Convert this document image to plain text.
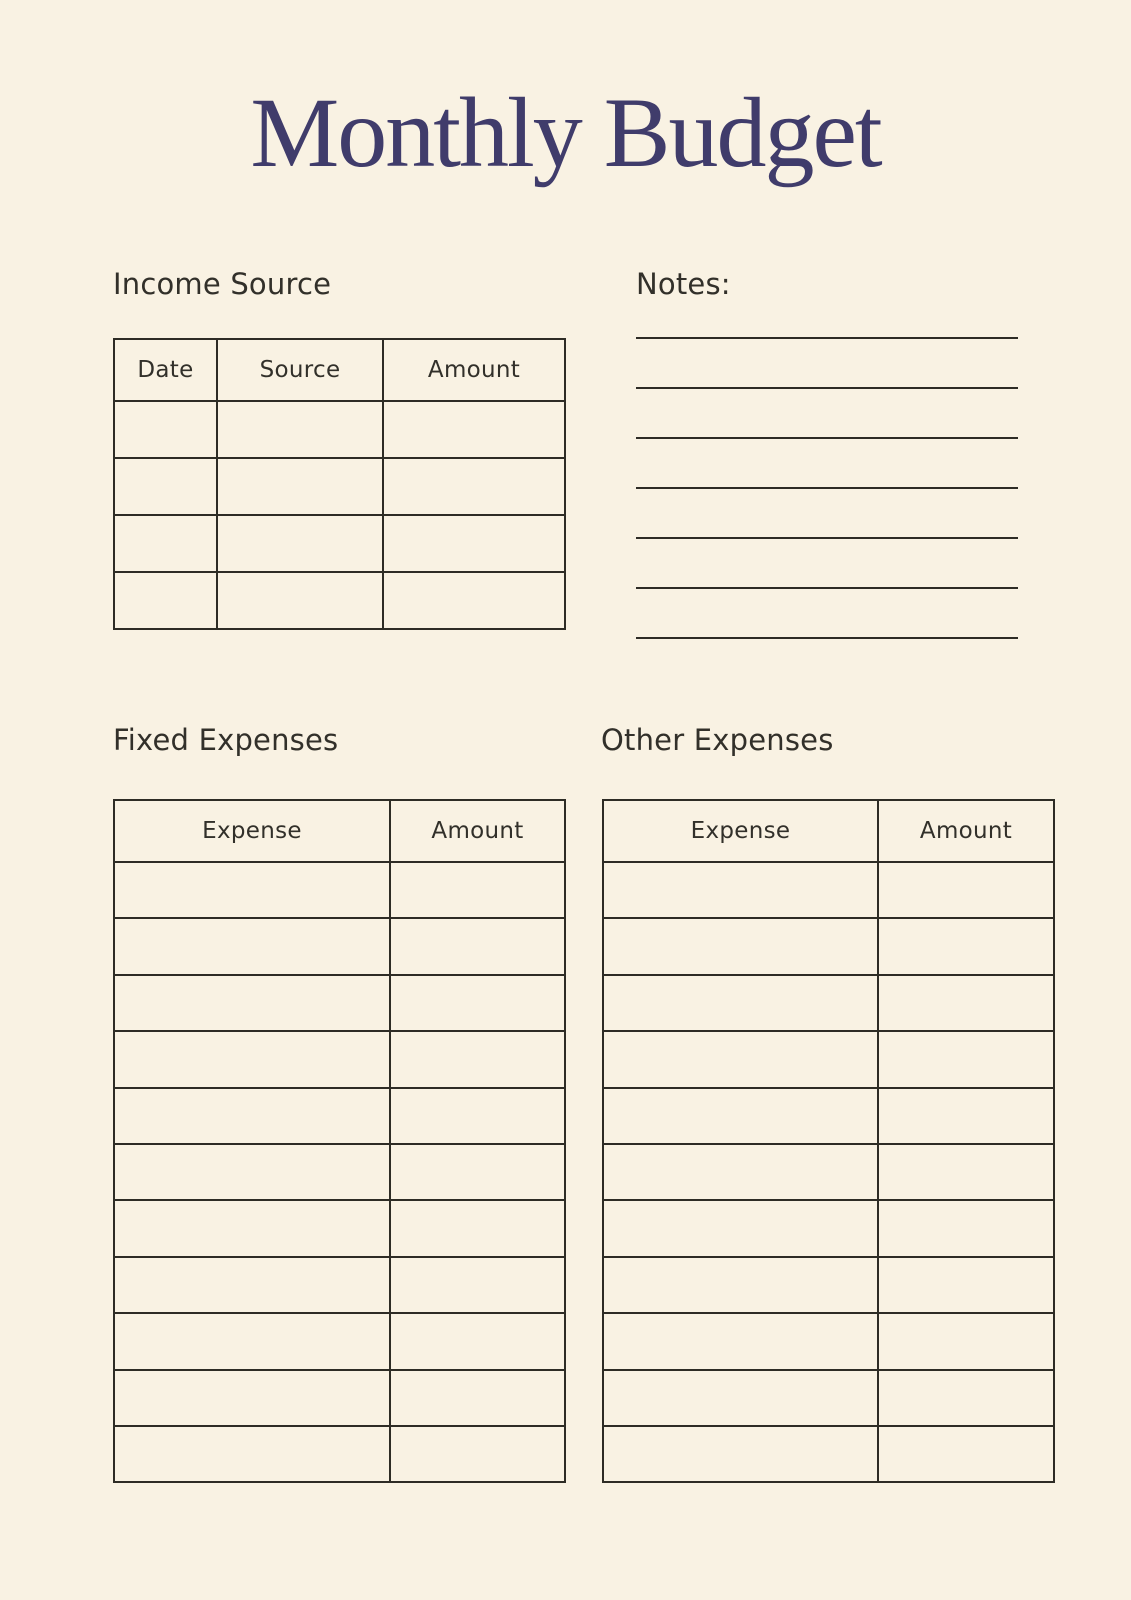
Monthly Budget
Income Source
Date	Source	Amount

Notes:
Fixed Expenses
Expense	Amount

Other Expenses
Expense	Amount
